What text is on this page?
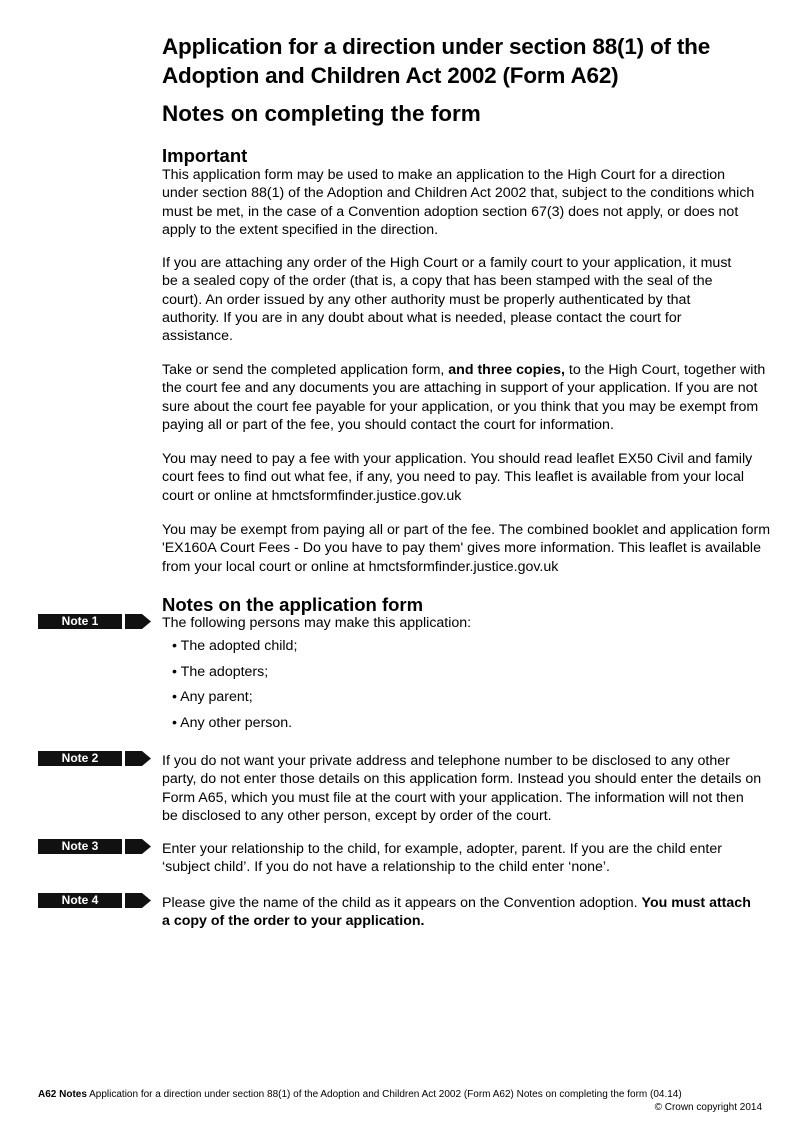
Application for a direction under section 88(1) of the
Adoption and Children Act 2002 (Form A62)
Notes on completing the form
Important

This application form may be used to make an application to the High Court for a direction under section 88(1) of the Adoption and Children Act 2002 that, subject to the conditions which must be met, in the case of a Convention adoption section 67(3) does not apply, or does not apply to the extent specified in the direction.

If you are attaching any order of the High Court or a family court to your application, it must be a sealed copy of the order (that is, a copy that has been stamped with the seal of the court). An order issued by any other authority must be properly authenticated by that authority. If you are in any doubt about what is needed, please contact the court for assistance.
Take or send the completed application form, and three copies, to the High Court, together with the court fee and any documents you are attaching in support of your application. If you are not sure about the court fee payable for your application, or you think that you may be exempt from paying all or part of the fee, you should contact the court for information.
You may need to pay a fee with your application. You should read leaflet EX50 Civil and family court fees to find out what fee, if any, you need to pay. This leaflet is available from your local court or online at hmctsformfinder.justice.gov.uk
You may be exempt from paying all or part of the fee. The combined booklet and application form 'EX160A Court Fees - Do you have to pay them' gives more information. This leaflet is available from your local court or online at hmctsformfinder.justice.gov.uk
Notes on the application form
Note 1	The following persons may make this application:
• The adopted child;
• The adopters;
• Any parent;
• Any other person.
Note 2	If you do not want your private address and telephone number to be disclosed to any other party, do not enter those details on this application form. Instead you should enter the details on Form A65, which you must file at the court with your application. The information will not then be disclosed to any other person, except by order of the court.
Note 3	Enter your relationship to the child, for example, adopter, parent. If you are the child enter ‘subject child’. If you do not have a relationship to the child enter ‘none’.
Note 4	Please give the name of the child as it appears on the Convention adoption. You must attach a copy of the order to your application.
A62 Notes Application for a direction under section 88(1) of the Adoption and Children Act 2002 (Form A62) Notes on completing the form (04.14)
© Crown copyright 2014
